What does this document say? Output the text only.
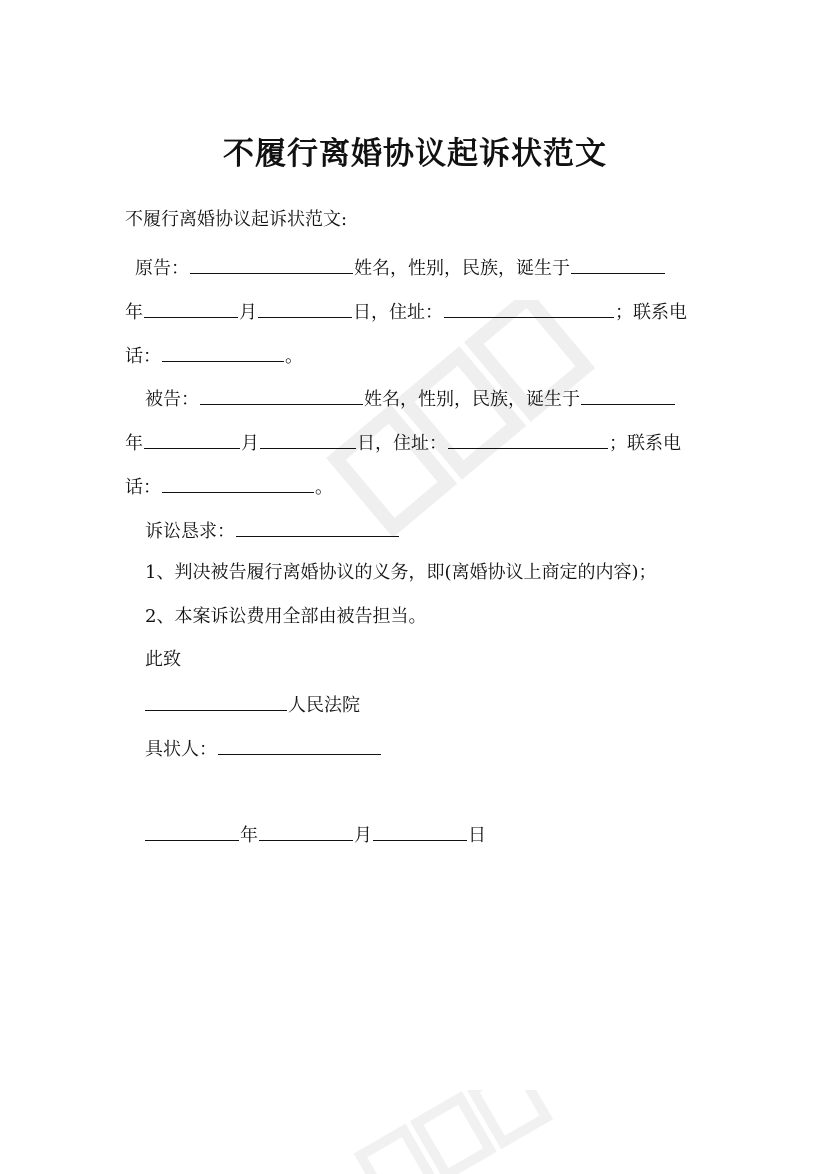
不履行离婚协议起诉状范文
不履行离婚协议起诉状范文:
原告：	姓名，性别，民族，诞生于
年	月	日，住址：	；联系电
话：	。
被告：	姓名，性别，民族，诞生于
年	月	日，住址：	；联系电
话：	。
诉讼恳求：
1、判决被告履行离婚协议的义务，即(离婚协议上商定的内容)；
2、本案诉讼费用全部由被告担当。
此致
人民法院
具状人：
年	月	日
